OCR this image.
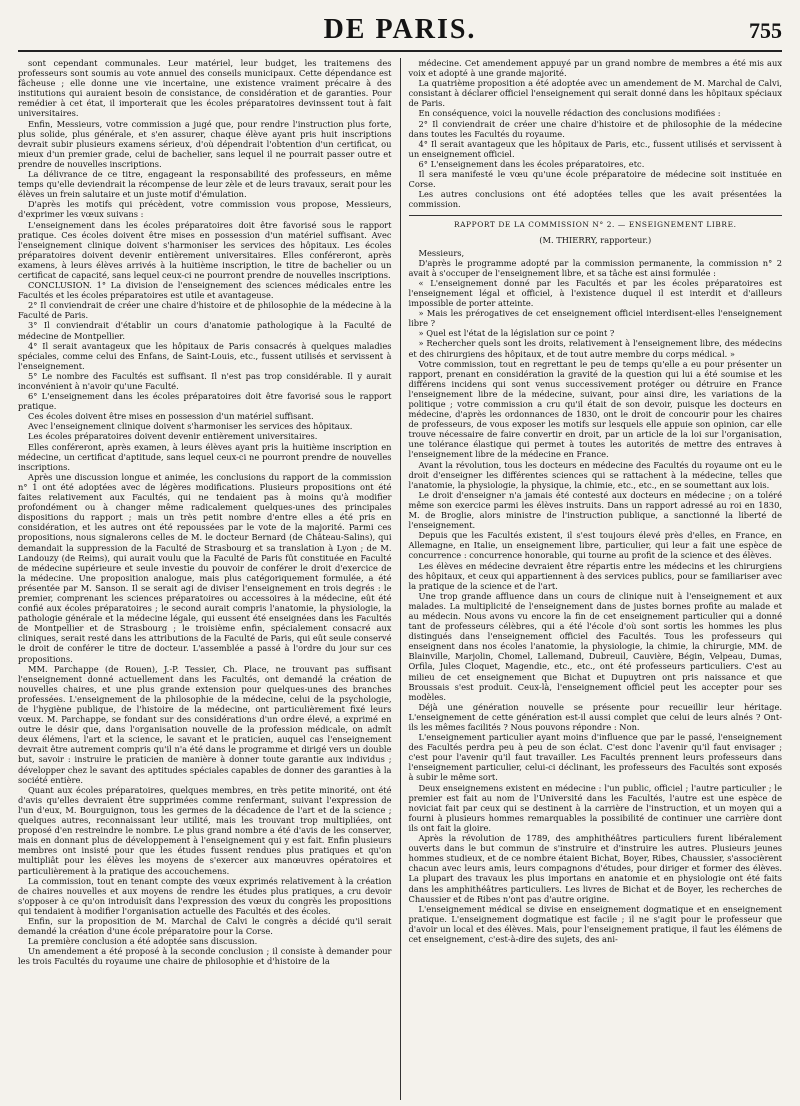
DE PARIS.	755

sont cependant communales. Leur matériel, leur budget, les traitemens des professeurs sont soumis au vote annuel des conseils municipaux. Cette dépendance est fâcheuse ; elle donne une vie incertaine, une existence vraiment précaire à des institutions qui auraient besoin de consistance, de considération et de garanties. Pour remédier à cet état, il importerait que les écoles préparatoires devinssent tout à fait universitaires.

Enfin, Messieurs, votre commission a jugé que, pour rendre l'instruction plus forte, plus solide, plus générale, et s'en assurer, chaque élève ayant pris huit inscriptions devrait subir plusieurs examens sérieux, d'où dépendrait l'obtention d'un certificat, ou mieux d'un premier grade, celui de bachelier, sans lequel il ne pourrait passer outre et prendre de nouvelles inscriptions.

La délivrance de ce titre, engageant la responsabilité des professeurs, en même temps qu'elle deviendrait la récompense de leur zèle et de leurs travaux, serait pour les élèves un frein salutaire et un juste motif d'émulation.

D'après les motifs qui précèdent, votre commission vous propose, Messieurs, d'exprimer les vœux suivans :

L'enseignement dans les écoles préparatoires doit être favorisé sous le rapport pratique. Ces écoles doivent être mises en possession d'un matériel suffisant. Avec l'enseignement clinique doivent s'harmoniser les services des hôpitaux. Les écoles préparatoires doivent devenir entièrement universitaires. Elles conféreront, après examens, à leurs élèves arrivés à la huitième inscription, le titre de bachelier ou un certificat de capacité, sans lequel ceux-ci ne pourront prendre de nouvelles inscriptions.

CONCLUSION. 1° La division de l'enseignement des sciences médicales entre les Facultés et les écoles préparatoires est utile et avantageuse.

2° Il conviendrait de créer une chaire d'histoire et de philosophie de la médecine à la Faculté de Paris.

3° Il conviendrait d'établir un cours d'anatomie pathologique à la Faculté de médecine de Montpellier.

4° Il serait avantageux que les hôpitaux de Paris consacrés à quelques maladies spéciales, comme celui des Enfans, de Saint-Louis, etc., fussent utilisés et servissent à l'enseignement.

5° Le nombre des Facultés est suffisant. Il n'est pas trop considérable. Il y aurait inconvénient à n'avoir qu'une Faculté.

6° L'enseignement dans les écoles préparatoires doit être favorisé sous le rapport pratique.

Ces écoles doivent être mises en possession d'un matériel suffisant.

Avec l'enseignement clinique doivent s'harmoniser les services des hôpitaux.

Les écoles préparatoires doivent devenir entièrement universitaires.

Elles conféreront, après examen, à leurs élèves ayant pris la huitième inscription en médecine, un certificat d'aptitude, sans lequel ceux-ci ne pourront prendre de nouvelles inscriptions.

Après une discussion longue et animée, les conclusions du rapport de la commission n° 1 ont été adoptées avec de légères modifications. Plusieurs propositions ont été faites relativement aux Facultés, qui ne tendaient pas à moins qu'à modifier profondément ou à changer même radicalement quelques-unes des principales dispositions du rapport ; mais un très petit nombre d'entre elles a été pris en considération, et les autres ont été repoussées par le vote de la majorité. Parmi ces propositions, nous signalerons celles de M. le docteur Bernard (de Château-Salins), qui demandait la suppression de la Faculté de Strasbourg et sa translation à Lyon ; de M. Landouzy (de Reims), qui aurait voulu que la Faculté de Paris fût constituée en Faculté de médecine supérieure et seule investie du pouvoir de conférer le droit d'exercice de la médecine. Une proposition analogue, mais plus catégoriquement formulée, a été présentée par M. Sanson. Il se serait agi de diviser l'enseignement en trois degrés : le premier, comprenant les sciences préparatoires ou accessoires à la médecine, eût été confié aux écoles préparatoires ; le second aurait compris l'anatomie, la physiologie, la pathologie générale et la médecine légale, qui eussent été enseignées dans les Facultés de Montpellier et de Strasbourg ; le troisième enfin, spécialement consacré aux cliniques, serait resté dans les attributions de la Faculté de Paris, qui eût seule conservé le droit de conférer le titre de docteur. L'assemblée a passé à l'ordre du jour sur ces propositions.

MM. Parchappe (de Rouen), J.-P. Tessier, Ch. Place, ne trouvant pas suffisant l'enseignement donné actuellement dans les Facultés, ont demandé la création de nouvelles chaires, et une plus grande extension pour quelques-unes des branches professées. L'enseignement de la philosophie de la médecine, celui de la psychologie, de l'hygiène publique, de l'histoire de la médecine, ont particulièrement fixé leurs vœux. M. Parchappe, se fondant sur des considérations d'un ordre élevé, a exprimé en outre le désir que, dans l'organisation nouvelle de la profession médicale, on admît deux élémens, l'art et la science, le savant et le praticien, auquel cas l'enseignement devrait être autrement compris qu'il n'a été dans le programme et dirigé vers un double but, savoir : instruire le praticien de manière à donner toute garantie aux individus ; développer chez le savant des aptitudes spéciales capables de donner des garanties à la société entière.

Quant aux écoles préparatoires, quelques membres, en très petite minorité, ont été d'avis qu'elles devraient être supprimées comme renfermant, suivant l'expression de l'un d'eux, M. Bourguignon, tous les germes de la décadence de l'art et de la science ; quelques autres, reconnaissant leur utilité, mais les trouvant trop multipliées, ont proposé d'en restreindre le nombre. Le plus grand nombre a été d'avis de les conserver, mais en donnant plus de développement à l'enseignement qui y est fait. Enfin plusieurs membres ont insisté pour que les études fussent rendues plus pratiques et qu'on multipliât pour les élèves les moyens de s'exercer aux manœuvres opératoires et particulièrement à la pratique des accouchemens.

La commission, tout en tenant compte des vœux exprimés relativement à la création de chaires nouvelles et aux moyens de rendre les études plus pratiques, a cru devoir s'opposer à ce qu'on introduisît dans l'expression des vœux du congrès les propositions qui tendaient à modifier l'organisation actuelle des Facultés et des écoles.

Enfin, sur la proposition de M. Marchal de Calvi le congrès a décidé qu'il serait demandé la création d'une école préparatoire pour la Corse.

La première conclusion a été adoptée sans discussion.

Un amendement a été proposé à la seconde conclusion ; il consiste à demander pour les trois Facultés du royaume une chaire de philosophie et d'histoire de la

médecine. Cet amendement appuyé par un grand nombre de membres a été mis aux voix et adopté à une grande majorité.

La quatrième proposition a été adoptée avec un amendement de M. Marchal de Calvi, consistant à déclarer officiel l'enseignement qui serait donné dans les hôpitaux spéciaux de Paris.

En conséquence, voici la nouvelle rédaction des conclusions modifiées :

2° Il conviendrait de créer une chaire d'histoire et de philosophie de la médecine dans toutes les Facultés du royaume.

4° Il serait avantageux que les hôpitaux de Paris, etc., fussent utilisés et servissent à un enseignement officiel.

6° L'enseignement dans les écoles préparatoires, etc.

Il sera manifesté le vœu qu'une école préparatoire de médecine soit instituée en Corse.

Les autres conclusions ont été adoptées telles que les avait présentées la commission.

RAPPORT DE LA COMMISSION N° 2. — ENSEIGNEMENT LIBRE.

(M. THIERRY, rapporteur.)

Messieurs,

D'après le programme adopté par la commission permanente, la commission n° 2 avait à s'occuper de l'enseignement libre, et sa tâche est ainsi formulée :

« L'enseignement donné par les Facultés et par les écoles préparatoires est l'enseignement légal et officiel, à l'existence duquel il est interdit et d'ailleurs impossible de porter atteinte.

» Mais les prérogatives de cet enseignement officiel interdisent-elles l'enseignement libre ?

» Quel est l'état de la législation sur ce point ?

» Rechercher quels sont les droits, relativement à l'enseignement libre, des médecins et des chirurgiens des hôpitaux, et de tout autre membre du corps médical. »

Votre commission, tout en regrettant le peu de temps qu'elle a eu pour présenter un rapport, prenant en considération la gravité de la question qui lui a été soumise et les différens incidens qui sont venus successivement protéger ou détruire en France l'enseignement libre de la médecine, suivant, pour ainsi dire, les variations de la politique ; votre commission a cru qu'il était de son devoir, puisque les docteurs en médecine, d'après les ordonnances de 1830, ont le droit de concourir pour les chaires de professeurs, de vous exposer les motifs sur lesquels elle appuie son opinion, car elle trouve nécessaire de faire convertir en droit, par un article de la loi sur l'organisation, une tolérance élastique qui permet à toutes les autorités de mettre des entraves à l'enseignement libre de la médecine en France.

Avant la révolution, tous les docteurs en médecine des Facultés du royaume ont eu le droit d'enseigner les différentes sciences qui se rattachent à la médecine, telles que l'anatomie, la physiologie, la physique, la chimie, etc., etc., en se soumettant aux lois.

Le droit d'enseigner n'a jamais été contesté aux docteurs en médecine ; on a toléré même son exercice parmi les élèves instruits. Dans un rapport adressé au roi en 1830, M. de Broglie, alors ministre de l'instruction publique, a sanctionné la liberté de l'enseignement.

Depuis que les Facultés existent, il s'est toujours élevé près d'elles, en France, en Allemagne, en Italie, un enseignement libre, particulier, qui leur a fait une espèce de concurrence : concurrence honorable, qui tourne au profit de la science et des élèves.

Les élèves en médecine devraient être répartis entre les médecins et les chirurgiens des hôpitaux, et ceux qui appartiennent à des services publics, pour se familiariser avec la pratique de la science et de l'art.

Une trop grande affluence dans un cours de clinique nuit à l'enseignement et aux malades. La multiplicité de l'enseignement dans de justes bornes profite au malade et au médecin. Nous avons vu encore la fin de cet enseignement particulier qui a donné tant de professeurs célèbres, qui a été l'école d'où sont sortis les hommes les plus distingués dans l'enseignement officiel des Facultés. Tous les professeurs qui enseignent dans nos écoles l'anatomie, la physiologie, la chimie, la chirurgie, MM. de Blainville, Marjolin, Chomel, Lallemand, Dubreuil, Cauvière, Bégin, Velpeau, Dumas, Orfila, Jules Cloquet, Magendie, etc., etc., ont été professeurs particuliers. C'est au milieu de cet enseignement que Bichat et Dupuytren ont pris naissance et que Broussais s'est produit. Ceux-là, l'enseignement officiel peut les accepter pour ses modèles.

Déjà une génération nouvelle se présente pour recueillir leur héritage. L'enseignement de cette génération est-il aussi complet que celui de leurs aînés ? Ont-ils les mêmes facilités ? Nous pouvons répondre : Non.

L'enseignement particulier ayant moins d'influence que par le passé, l'enseignement des Facultés perdra peu à peu de son éclat. C'est donc l'avenir qu'il faut envisager ; c'est pour l'avenir qu'il faut travailler. Les Facultés prennent leurs professeurs dans l'enseignement particulier, celui-ci déclinant, les professeurs des Facultés sont exposés à subir le même sort.

Deux enseignemens existent en médecine : l'un public, officiel ; l'autre particulier ; le premier est fait au nom de l'Université dans les Facultés, l'autre est une espèce de noviciat fait par ceux qui se destinent à la carrière de l'instruction, et un moyen qui a fourni à plusieurs hommes remarquables la possibilité de continuer une carrière dont ils ont fait la gloire.

Après la révolution de 1789, des amphithéâtres particuliers furent libéralement ouverts dans le but commun de s'instruire et d'instruire les autres. Plusieurs jeunes hommes studieux, et de ce nombre étaient Bichat, Boyer, Ribes, Chaussier, s'associèrent chacun avec leurs amis, leurs compagnons d'études, pour diriger et former des élèves. La plupart des travaux les plus importans en anatomie et en physiologie ont été faits dans les amphithéâtres particuliers. Les livres de Bichat et de Boyer, les recherches de Chaussier et de Ribes n'ont pas d'autre origine.

L'enseignement médical se divise en enseignement dogmatique et en enseignement pratique. L'enseignement dogmatique est facile ; il ne s'agit pour le professeur que d'avoir un local et des élèves. Mais, pour l'enseignement pratique, il faut les élémens de cet enseignement, c'est-à-dire des sujets, des ani-
